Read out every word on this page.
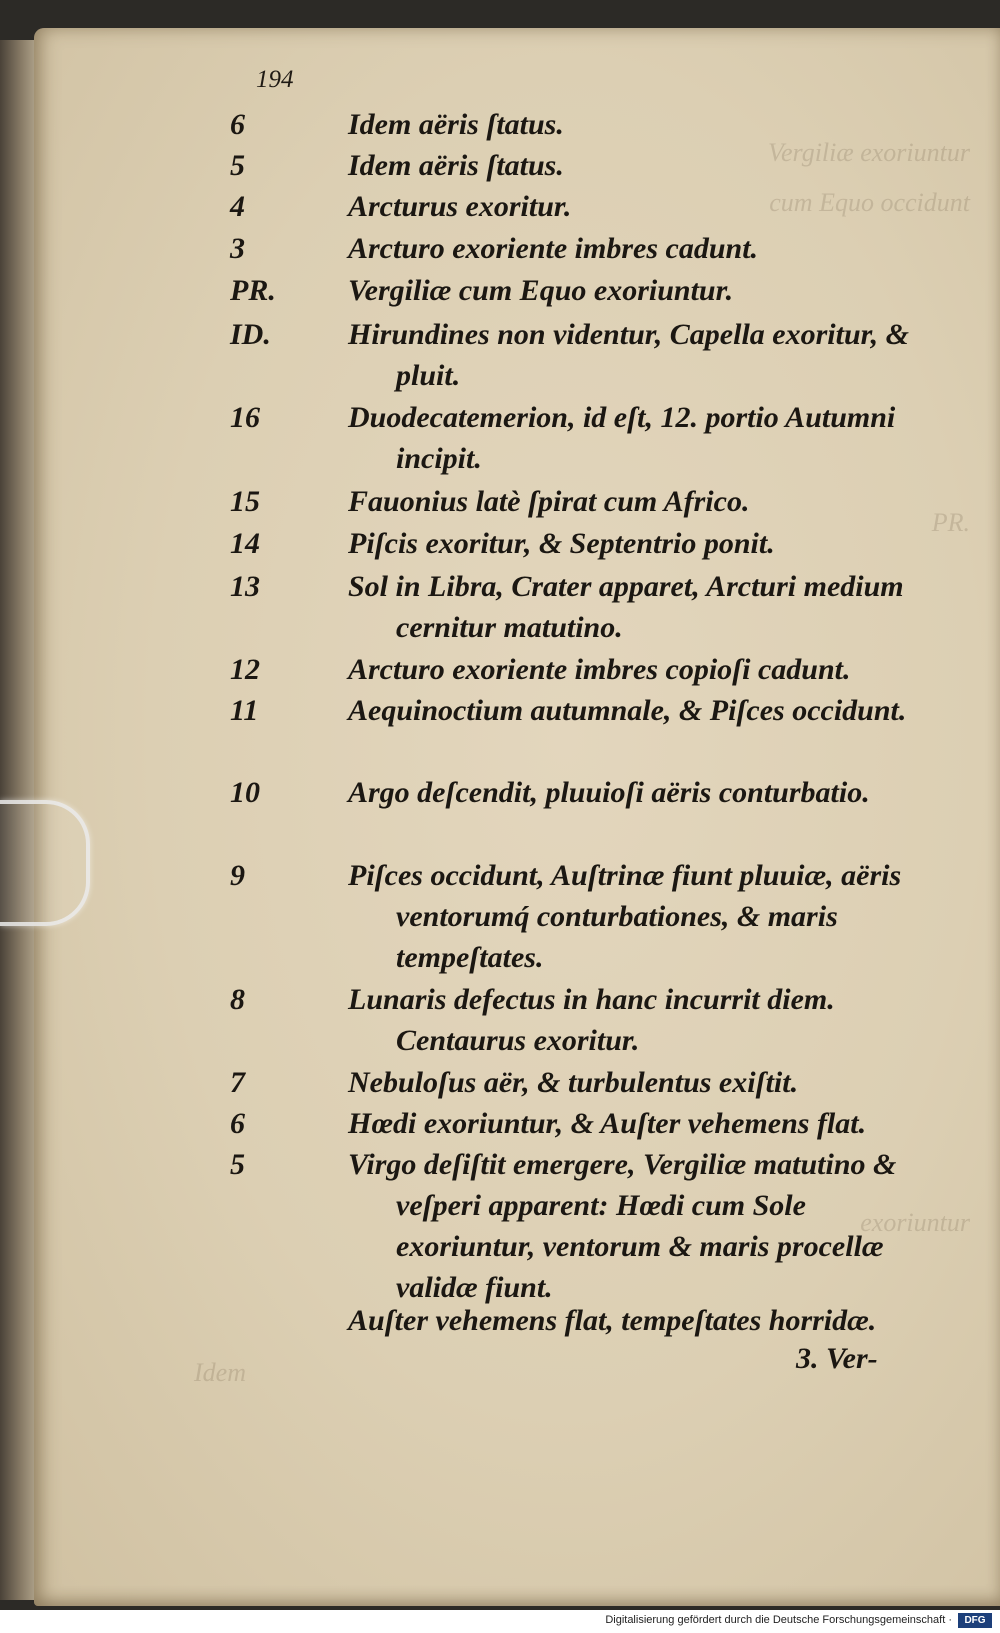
Vergiliæ exoriuntur
cum Equo occidunt
PR.
exoriuntur
Idem
194
6	Idem aëris ſtatus.
5	Idem aëris ſtatus.
4	Arcturus exoritur.
3	Arcturo exoriente imbres cadunt.
PR.	Vergiliæ cum Equo exoriuntur.
ID.	Hirundines non videntur, Capella exoritur, & pluit.
16	Duodecatemerion, id eſt, 12. portio Autumni incipit.
15	Fauonius latè ſpirat cum Africo.
14	Piſcis exoritur, & Septentrio ponit.
13	Sol in Libra, Crater apparet, Arcturi medium cernitur matutino.
12	Arcturo exoriente imbres copioſi cadunt.
11	Aequinoctium autumnale, & Piſces occidunt.
10	Argo deſcendit, pluuioſi aëris conturbatio.
9	Piſces occidunt, Auſtrinæ fiunt pluuiæ, aëris ventorumq́ conturbationes, & maris tempeſtates.
8	Lunaris defectus in hanc incurrit diem. Centaurus exoritur.
7	Nebuloſus aër, & turbulentus exiſtit.
6	Hœdi exoriuntur, & Auſter vehemens flat.
5	Virgo deſiſtit emergere, Vergiliæ matutino & veſperi apparent: Hœdi cum Sole exoriuntur, ventorum & maris procellæ validæ fiunt.
Auſter vehemens flat, tempeſtates horridæ.
3. Ver-
Digitalisierung gefördert durch die Deutsche Forschungsgemeinschaft ·	DFG
